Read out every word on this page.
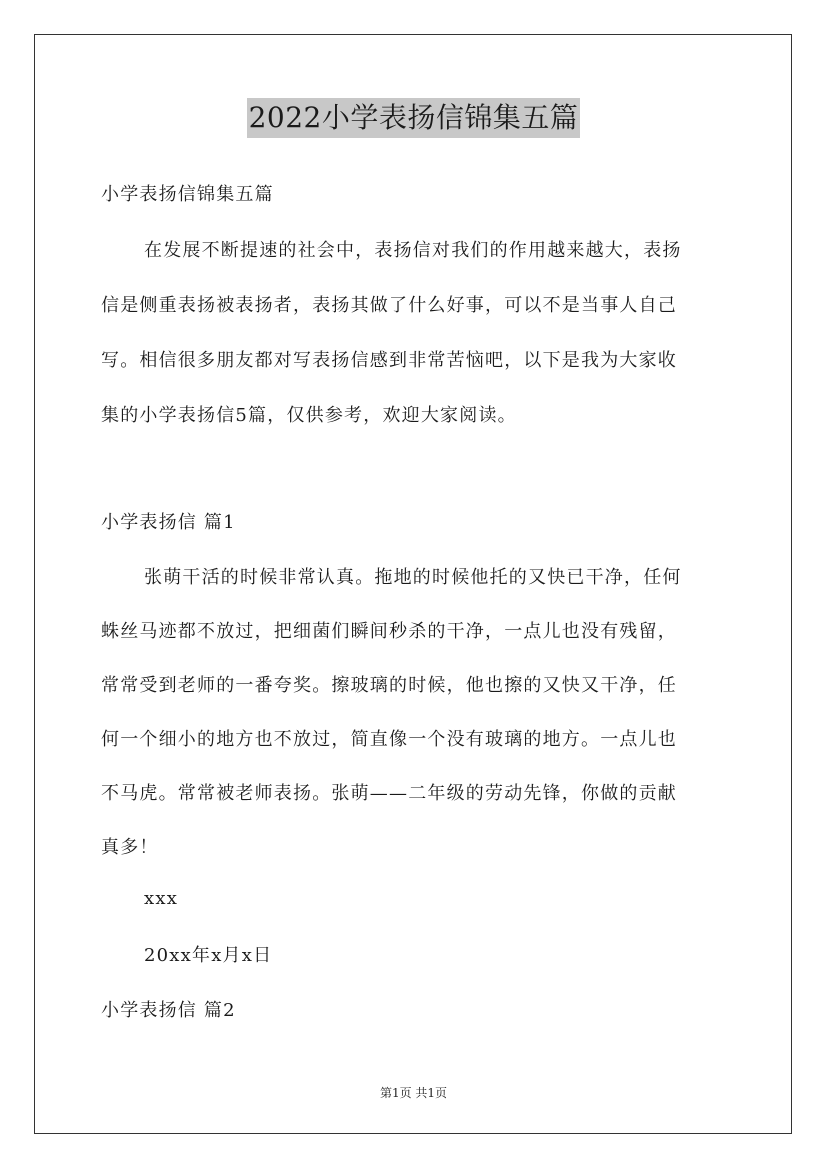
2022小学表扬信锦集五篇
小学表扬信锦集五篇
在发展不断提速的社会中，表扬信对我们的作用越来越大，表扬
信是侧重表扬被表扬者，表扬其做了什么好事，可以不是当事人自己
写。相信很多朋友都对写表扬信感到非常苦恼吧，以下是我为大家收
集的小学表扬信5篇，仅供参考，欢迎大家阅读。
小学表扬信 篇1
张萌干活的时候非常认真。拖地的时候他托的又快已干净，任何
蛛丝马迹都不放过，把细菌们瞬间秒杀的干净，一点儿也没有残留，
常常受到老师的一番夸奖。擦玻璃的时候，他也擦的又快又干净，任
何一个细小的地方也不放过，简直像一个没有玻璃的地方。一点儿也
不马虎。常常被老师表扬。张萌——二年级的劳动先锋，你做的贡献
真多！
xxx
20xx年x月x日
小学表扬信 篇2
第1页 共1页
